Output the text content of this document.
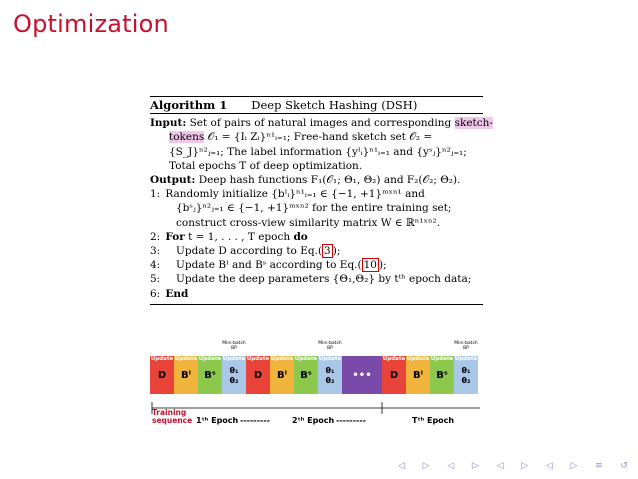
Optimization
Algorithm 1 Deep Sketch Hashing (DSH)
Input: Set of pairs of natural images and corresponding sketch-
tokens 𝒪₁ = {Iᵢ Zᵢ}ⁿ¹ᵢ₌₁; Free-hand sketch set 𝒪₂ =
{S_J}ⁿ²ⱼ₌₁; The label information {yᴵᵢ}ⁿ¹ᵢ₌₁ and {yˢⱼ}ⁿ²ⱼ₌₁;
Total epochs T of deep optimization.
Output: Deep hash functions F₁(𝒪₁; Θ₁, Θ₂) and F₂(𝒪₂; Θ₂).
1: Randomly initialize {bᴵᵢ}ⁿ¹ᵢ₌₁ ∈ {−1, +1}ᵐˣⁿ¹ and
{bˢⱼ}ⁿ²ⱼ₌₁ ∈ {−1, +1}ᵐˣⁿ² for the entire training set;
construct cross-view similarity matrix W ∈ ℝⁿ¹ˣⁿ².
2: For t = 1, . . . , T epoch do
3: Update D according to Eq.( 3 );
4: Update Bᴵ and Bˢ according to Eq.( 10 );
5: Update the deep parameters {Θ₁,Θ₂} by tᵗʰ epoch data;
6: End
Update
D
Update
Bᴵ
Update
Bˢ
Mini-batch BP
Update
θ₁
θ₂
Update
D
Update
Bᴵ
Update
Bˢ
Mini-batch BP
Update
θ₁
θ₂	•••
Update
D
Update
Bᴵ
Update
Bˢ
Mini-batch BP
Update
θ₁
θ₂
Training
sequence 1ᵗʰ Epoch ---------	2ᵗʰ Epoch ---------	Tᵗʰ Epoch
◁ ▷ ◁ ▷ ◁ ▷ ◁ ▷ ≡ ↺
